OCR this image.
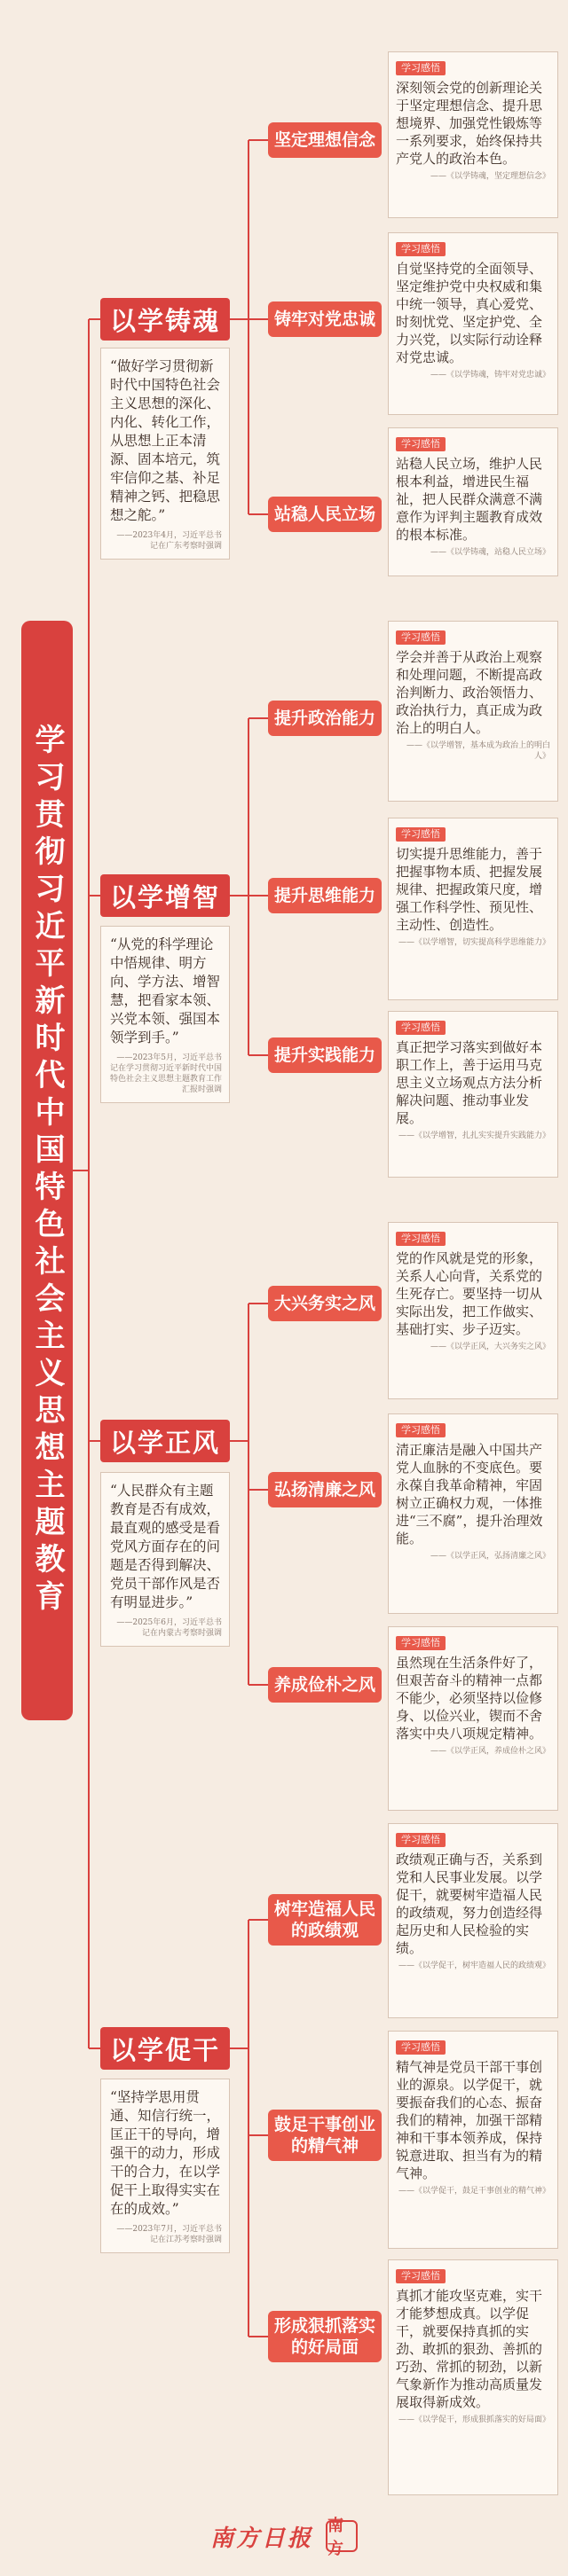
学习贯彻习近平新时代中国特色社会主义思想主题教育
以学铸魂
“做好学习贯彻新时代中国特色社会主义思想的深化、内化、转化工作，从思想上正本清源、固本培元，筑牢信仰之基、补足精神之钙、把稳思想之舵。”
——2023年4月，习近平总书记在广东考察时强调
坚定理想信念
学习感悟
深刻领会党的创新理论关于坚定理想信念、提升思想境界、加强党性锻炼等一系列要求，始终保持共产党人的政治本色。
——《以学铸魂，坚定理想信念》
铸牢对党忠诚
学习感悟
自觉坚持党的全面领导、坚定维护党中央权威和集中统一领导，真心爱党、时刻忧党、坚定护党、全力兴党，以实际行动诠释对党忠诚。
——《以学铸魂，铸牢对党忠诚》
站稳人民立场
学习感悟
站稳人民立场，维护人民根本利益，增进民生福祉，把人民群众满意不满意作为评判主题教育成效的根本标准。
——《以学铸魂，站稳人民立场》
以学增智
“从党的科学理论中悟规律、明方向、学方法、增智慧，把看家本领、兴党本领、强国本领学到手。”
——2023年5月，习近平总书记在学习贯彻习近平新时代中国特色社会主义思想主题教育工作汇报时强调
提升政治能力
学习感悟
学会并善于从政治上观察和处理问题，不断提高政治判断力、政治领悟力、政治执行力，真正成为政治上的明白人。
——《以学增智，基本成为政治上的明白人》
提升思维能力
学习感悟
切实提升思维能力，善于把握事物本质、把握发展规律、把握政策尺度，增强工作科学性、预见性、主动性、创造性。
——《以学增智，切实提高科学思维能力》
提升实践能力
学习感悟
真正把学习落实到做好本职工作上，善于运用马克思主义立场观点方法分析解决问题、推动事业发展。
——《以学增智，扎扎实实提升实践能力》
以学正风
“人民群众有主题教育是否有成效，最直观的感受是看党风方面存在的问题是否得到解决、党员干部作风是否有明显进步。”
——2025年6月，习近平总书记在内蒙古考察时强调
大兴务实之风
学习感悟
党的作风就是党的形象，关系人心向背，关系党的生死存亡。要坚持一切从实际出发，把工作做实、基础打实、步子迈实。
——《以学正风，大兴务实之风》
弘扬清廉之风
学习感悟
清正廉洁是融入中国共产党人血脉的不变底色。要永葆自我革命精神，牢固树立正确权力观，一体推进“三不腐”，提升治理效能。
——《以学正风，弘扬清廉之风》
养成俭朴之风
学习感悟
虽然现在生活条件好了，但艰苦奋斗的精神一点都不能少，必须坚持以俭修身、以俭兴业，锲而不舍落实中央八项规定精神。
——《以学正风，养成俭朴之风》
以学促干
“坚持学思用贯通、知信行统一，匡正干的导向，增强干的动力，形成干的合力，在以学促干上取得实实在在的成效。”
——2023年7月，习近平总书记在江苏考察时强调
树牢造福人民的政绩观
学习感悟
政绩观正确与否，关系到党和人民事业发展。以学促干，就要树牢造福人民的政绩观，努力创造经得起历史和人民检验的实绩。
——《以学促干，树牢造福人民的政绩观》
鼓足干事创业的精气神
学习感悟
精气神是党员干部干事创业的源泉。以学促干，就要振奋我们的心态、振奋我们的精神，加强干部精神和干事本领养成，保持锐意进取、担当有为的精气神。
——《以学促干，鼓足干事创业的精气神》
形成狠抓落实的好局面
学习感悟
真抓才能攻坚克难，实干才能梦想成真。以学促干，就要保持真抓的实劲、敢抓的狠劲、善抓的巧劲、常抓的韧劲，以新气象新作为推动高质量发展取得新成效。
——《以学促干，形成狠抓落实的好局面》
南方日报 南方
